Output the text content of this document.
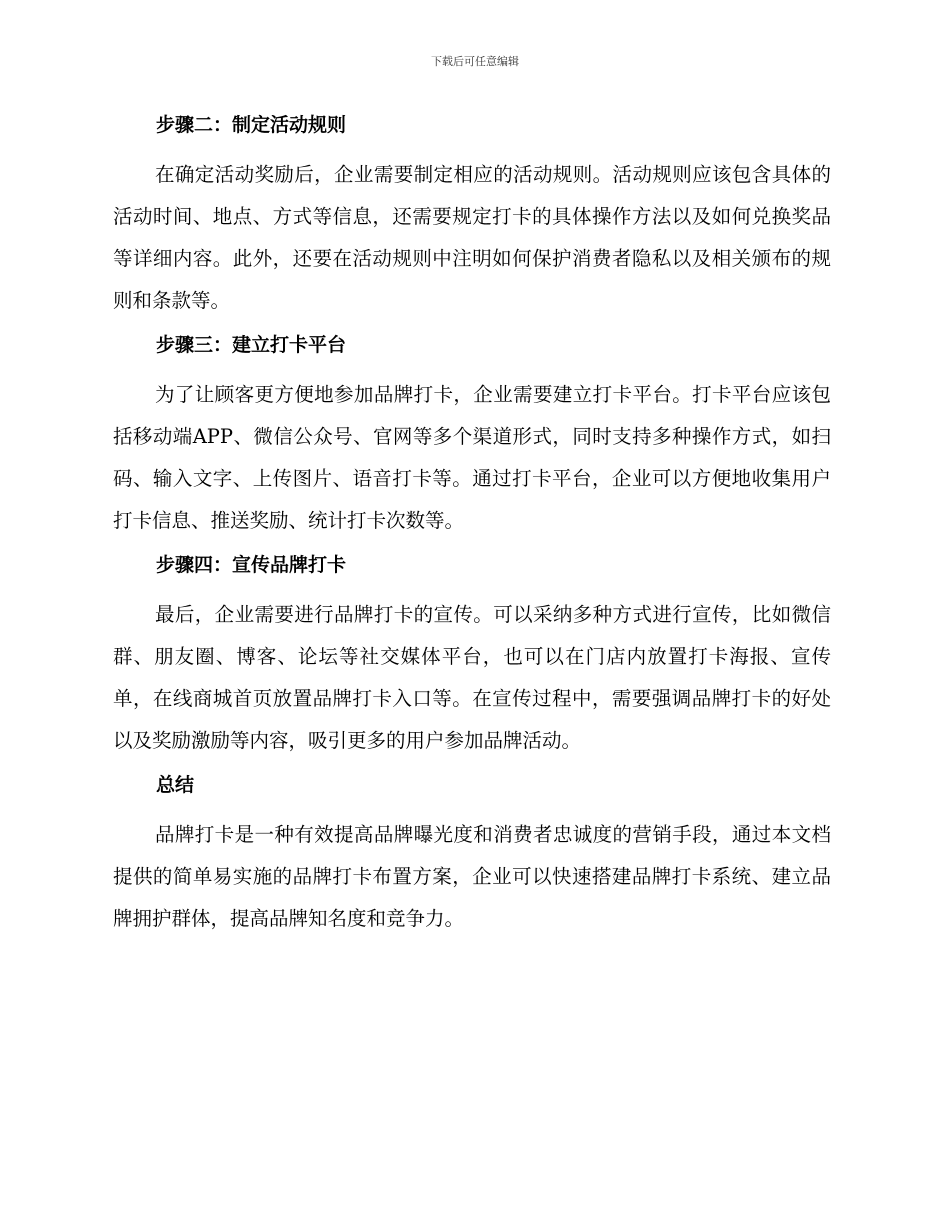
下载后可任意编辑
步骤二：制定活动规则

在确定活动奖励后，企业需要制定相应的活动规则。活动规则应该包含具体的活动时间、地点、方式等信息，还需要规定打卡的具体操作方法以及如何兑换奖品等详细内容。此外，还要在活动规则中注明如何保护消费者隐私以及相关颁布的规则和条款等。

步骤三：建立打卡平台

为了让顾客更方便地参加品牌打卡，企业需要建立打卡平台。打卡平台应该包括移动端APP、微信公众号、官网等多个渠道形式，同时支持多种操作方式，如扫码、输入文字、上传图片、语音打卡等。通过打卡平台，企业可以方便地收集用户打卡信息、推送奖励、统计打卡次数等。

步骤四：宣传品牌打卡

最后，企业需要进行品牌打卡的宣传。可以采纳多种方式进行宣传，比如微信群、朋友圈、博客、论坛等社交媒体平台，也可以在门店内放置打卡海报、宣传单，在线商城首页放置品牌打卡入口等。在宣传过程中，需要强调品牌打卡的好处以及奖励激励等内容，吸引更多的用户参加品牌活动。

总结

品牌打卡是一种有效提高品牌曝光度和消费者忠诚度的营销手段，通过本文档提供的简单易实施的品牌打卡布置方案，企业可以快速搭建品牌打卡系统、建立品牌拥护群体，提高品牌知名度和竞争力。
